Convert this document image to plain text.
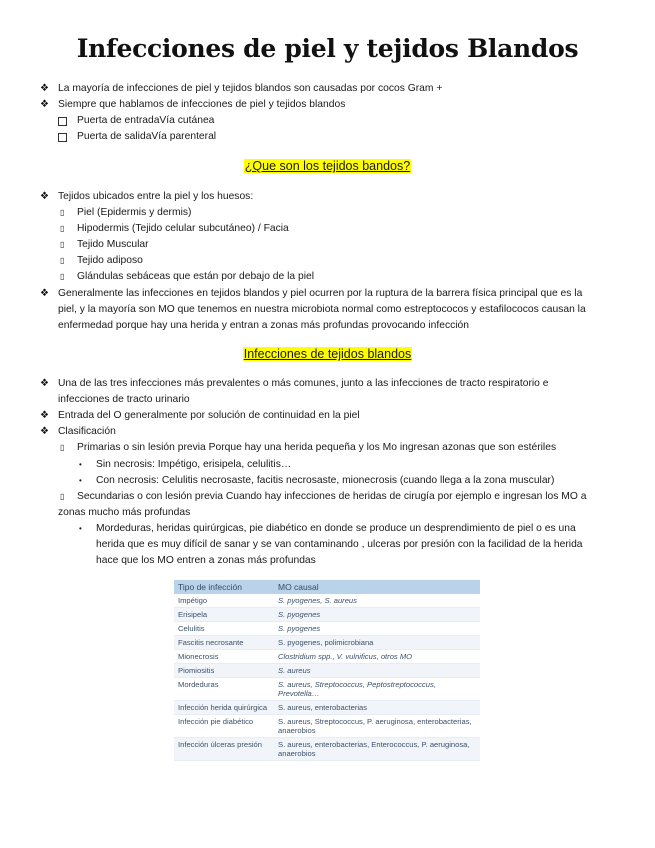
Infecciones de piel y tejidos Blandos
❖ La mayoría de infecciones de piel y tejidos blandos son causadas por cocos Gram +
❖ Siempre que hablamos de infecciones de piel y tejidos blandos
Puerta de entradaVía cutánea
Puerta de salidaVía parenteral
¿Que son los tejidos bandos?
❖ Tejidos ubicados entre la piel y los huesos:
▯ Piel (Epidermis y dermis)
▯ Hipodermis (Tejido celular subcutáneo) / Facia
▯ Tejido Muscular
▯ Tejido adiposo
▯ Glándulas sebáceas que están por debajo de la piel
❖ Generalmente las infecciones en tejidos blandos y piel ocurren por la ruptura de la barrera física principal que es la
piel, y la mayoría son MO que tenemos en nuestra microbiota normal como estreptococos y estafilococos causan la
enfermedad porque hay una herida y entran a zonas más profundas provocando infección
Infecciones de tejidos blandos
❖ Una de las tres infecciones más prevalentes o más comunes, junto a las infecciones de tracto respiratorio e
infecciones de tracto urinario
❖ Entrada del O generalmente por solución de continuidad en la piel
❖ Clasificación
▯ Primarias o sin lesión previa Porque hay una herida pequeña y los Mo ingresan azonas que son estériles
• Sin necrosis: Impétigo, erisipela, celulitis…
• Con necrosis: Celulitis necrosaste, facitis necrosaste, mionecrosis (cuando llega a la zona muscular)
▯ Secundarias o con lesión previa Cuando hay infecciones de heridas de cirugía por ejemplo e ingresan los MO a
zonas mucho más profundas
• Mordeduras, heridas quirúrgicas, pie diabético en donde se produce un desprendimiento de piel o es una
herida que es muy difícil de sanar y se van contaminando , ulceras por presión con la facilidad de la herida
hace que los MO entren a zonas más profundas
Tipo de infección	MO causal
Impétigo	S. pyogenes, S. aureus
Erisipela	S. pyogenes
Celulitis	S. pyogenes
Fascitis necrosante	S. pyogenes, polimicrobiana
Mionecrosis	Clostridium spp., V. vulnificus, otros MO
Piomiositis	S. aureus
Mordeduras	S. aureus, Streptococcus, Peptostreptococcus, Prevotella…
Infección herida quirúrgica	S. aureus, enterobacterias
Infección pie diabético	S. aureus, Streptococcus, P. aeruginosa, enterobacterias, anaerobios
Infección úlceras presión	S. aureus, enterobacterias, Enterococcus, P. aeruginosa, anaerobios
